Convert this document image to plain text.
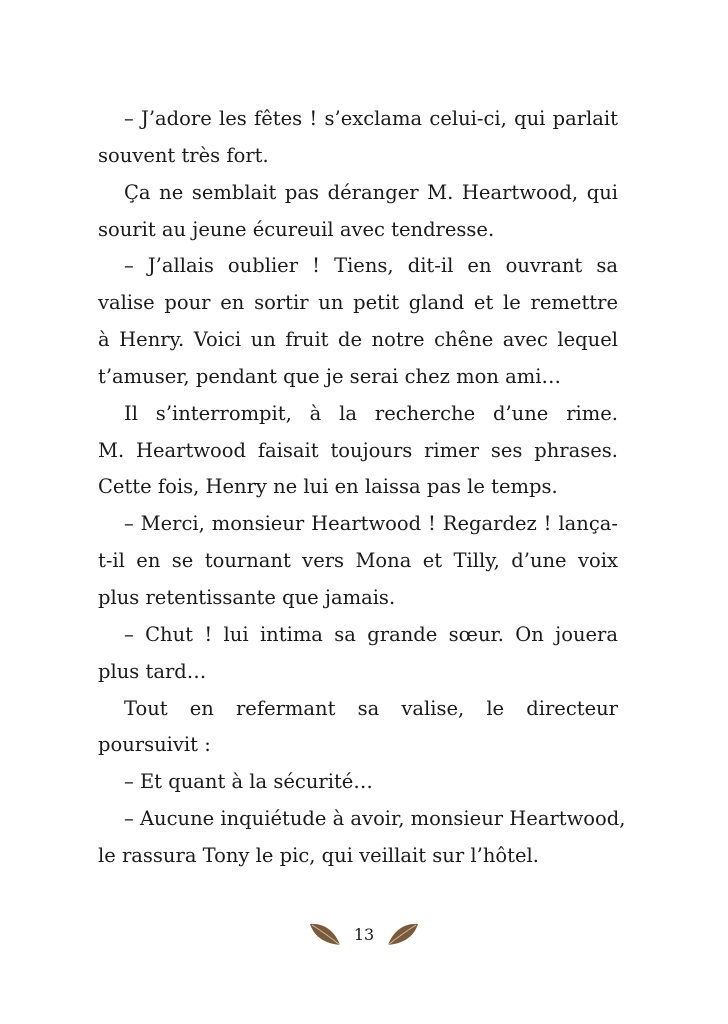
– J’adore les fêtes ! s’exclama celui-ci, qui parlait
souvent très fort.
Ça ne semblait pas déranger M. Heartwood, qui
sourit au jeune écureuil avec tendresse.
– J’allais oublier ! Tiens, dit-il en ouvrant sa
valise pour en sortir un petit gland et le remettre
à Henry. Voici un fruit de notre chêne avec lequel
t’amuser, pendant que je serai chez mon ami…
Il s’interrompit, à la recherche d’une rime.
M. Heartwood faisait toujours rimer ses phrases.
Cette fois, Henry ne lui en laissa pas le temps.
– Merci, monsieur Heartwood ! Regardez ! lança-
t-il en se tournant vers Mona et Tilly, d’une voix
plus retentissante que jamais.
– Chut ! lui intima sa grande sœur. On jouera
plus tard…
Tout en refermant sa valise, le directeur
poursuivit :
– Et quant à la sécurité…
– Aucune inquiétude à avoir, monsieur Heartwood,
le rassura Tony le pic, qui veillait sur l’hôtel.
13
